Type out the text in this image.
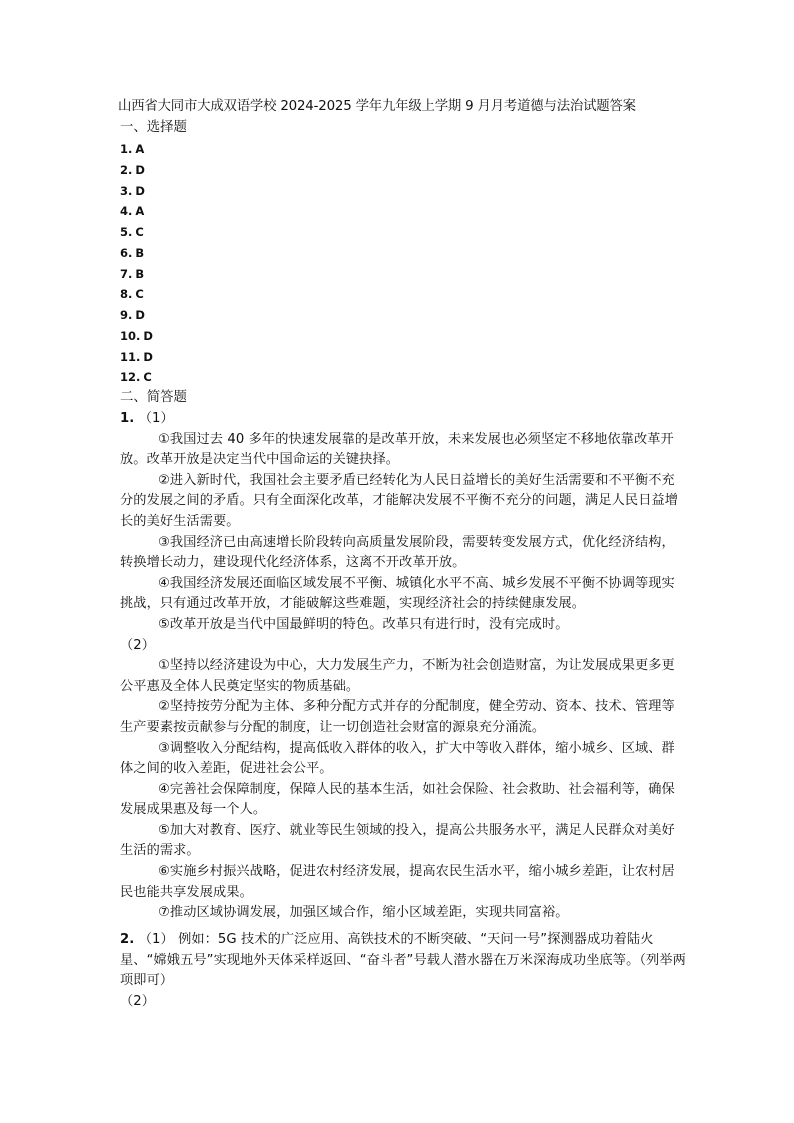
山西省大同市大成双语学校 2024-2025 学年九年级上学期 9 月月考道德与法治试题答案
一、选择题
1. A
2. D
3. D
4. A
5. C
6. B
7. B
8. C
9. D
10. D
11. D
12. C
二、简答题

1. （1）

①我国过去 40 多年的快速发展靠的是改革开放，未来发展也必须坚定不移地依靠改革开放。改革开放是决定当代中国命运的关键抉择。

②进入新时代，我国社会主要矛盾已经转化为人民日益增长的美好生活需要和不平衡不充分的发展之间的矛盾。只有全面深化改革，才能解决发展不平衡不充分的问题，满足人民日益增长的美好生活需要。

③我国经济已由高速增长阶段转向高质量发展阶段，需要转变发展方式，优化经济结构，转换增长动力，建设现代化经济体系，这离不开改革开放。

④我国经济发展还面临区域发展不平衡、城镇化水平不高、城乡发展不平衡不协调等现实挑战，只有通过改革开放，才能破解这些难题，实现经济社会的持续健康发展。

⑤改革开放是当代中国最鲜明的特色。改革只有进行时，没有完成时。

（2）

①坚持以经济建设为中心，大力发展生产力，不断为社会创造财富，为让发展成果更多更公平惠及全体人民奠定坚实的物质基础。

②坚持按劳分配为主体、多种分配方式并存的分配制度，健全劳动、资本、技术、管理等生产要素按贡献参与分配的制度，让一切创造社会财富的源泉充分涌流。

③调整收入分配结构，提高低收入群体的收入，扩大中等收入群体，缩小城乡、区域、群体之间的收入差距，促进社会公平。

④完善社会保障制度，保障人民的基本生活，如社会保险、社会救助、社会福利等，确保发展成果惠及每一个人。

⑤加大对教育、医疗、就业等民生领域的投入，提高公共服务水平，满足人民群众对美好生活的需求。

⑥实施乡村振兴战略，促进农村经济发展，提高农民生活水平，缩小城乡差距，让农村居民也能共享发展成果。

⑦推动区域协调发展，加强区域合作，缩小区域差距，实现共同富裕。

2. （1） 例如：5G 技术的广泛应用、高铁技术的不断突破、“天问一号”探测器成功着陆火星、“嫦娥五号”实现地外天体采样返回、“奋斗者”号载人潜水器在万米深海成功坐底等。（列举两项即可）

（2）
